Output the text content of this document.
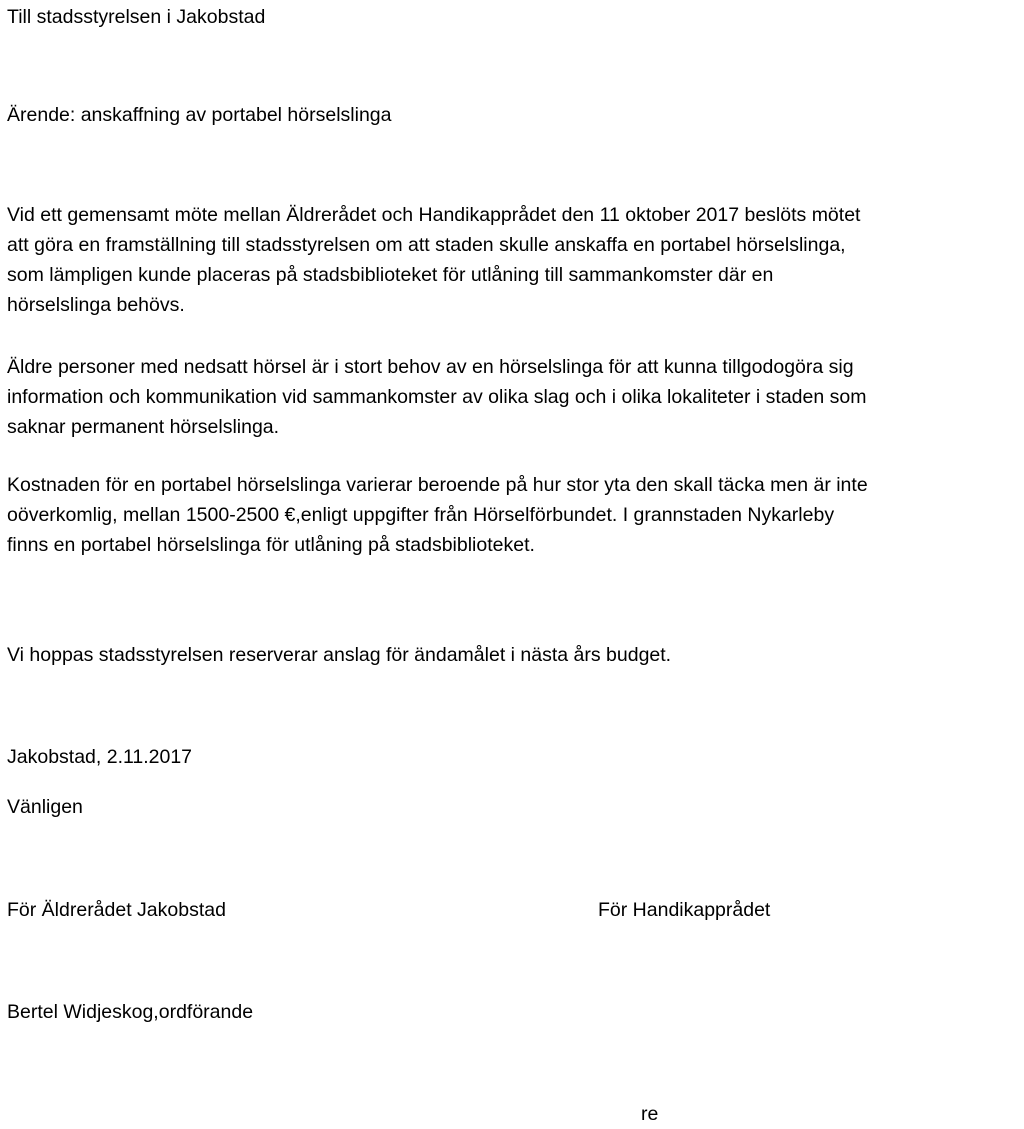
Till stadsstyrelsen i Jakobstad

Ärende: anskaffning av portabel hörselslinga

Vid ett gemensamt möte mellan Äldrerådet och Handikapprådet den 11 oktober 2017 beslöts mötet
att göra en framställning till stadsstyrelsen om att staden skulle anskaffa en portabel hörselslinga,
som lämpligen kunde placeras på stadsbiblioteket för utlåning till sammankomster där en
hörselslinga behövs.
Äldre personer med nedsatt hörsel är i stort behov av en hörselslinga för att kunna tillgodogöra sig
information och kommunikation vid sammankomster av olika slag och i olika lokaliteter i staden som
saknar permanent hörselslinga.
Kostnaden för en portabel hörselslinga varierar beroende på hur stor yta den skall täcka men är inte
oöverkomlig, mellan 1500-2500 €,enligt uppgifter från Hörselförbundet. I grannstaden Nykarleby
finns en portabel hörselslinga för utlåning på stadsbiblioteket.

Vi hoppas stadsstyrelsen reserverar anslag för ändamålet i nästa års budget.

Jakobstad, 2.11.2017

Vänligen

För Äldrerådet Jakobstad	För Handikapprådet

Bertel Widjeskog,ordförande

re
